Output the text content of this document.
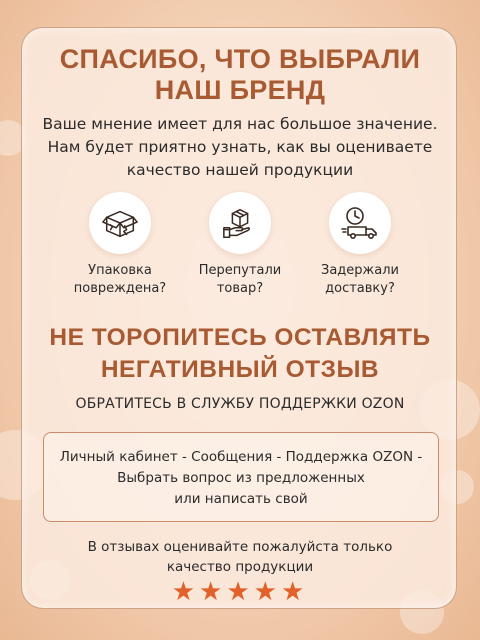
СПАСИБО, ЧТО ВЫБРАЛИ
НАШ БРЕНД
Ваше мнение имеет для нас большое значение.
Нам будет приятно узнать, как вы оцениваете
качество нашей продукции
Упаковка
повреждена?
Перепутали
товар?
Задержали
доставку?
НЕ ТОРОПИТЕСЬ ОСТАВЛЯТЬ
НЕГАТИВНЫЙ ОТЗЫВ
ОБРАТИТЕСЬ В СЛУЖБУ ПОДДЕРЖКИ OZON
Личный кабинет - Сообщения - Поддержка OZON -
Выбрать вопрос из предложенных
или написать свой
В отзывах оценивайте пожалуйста только
качество продукции
★★★★★
